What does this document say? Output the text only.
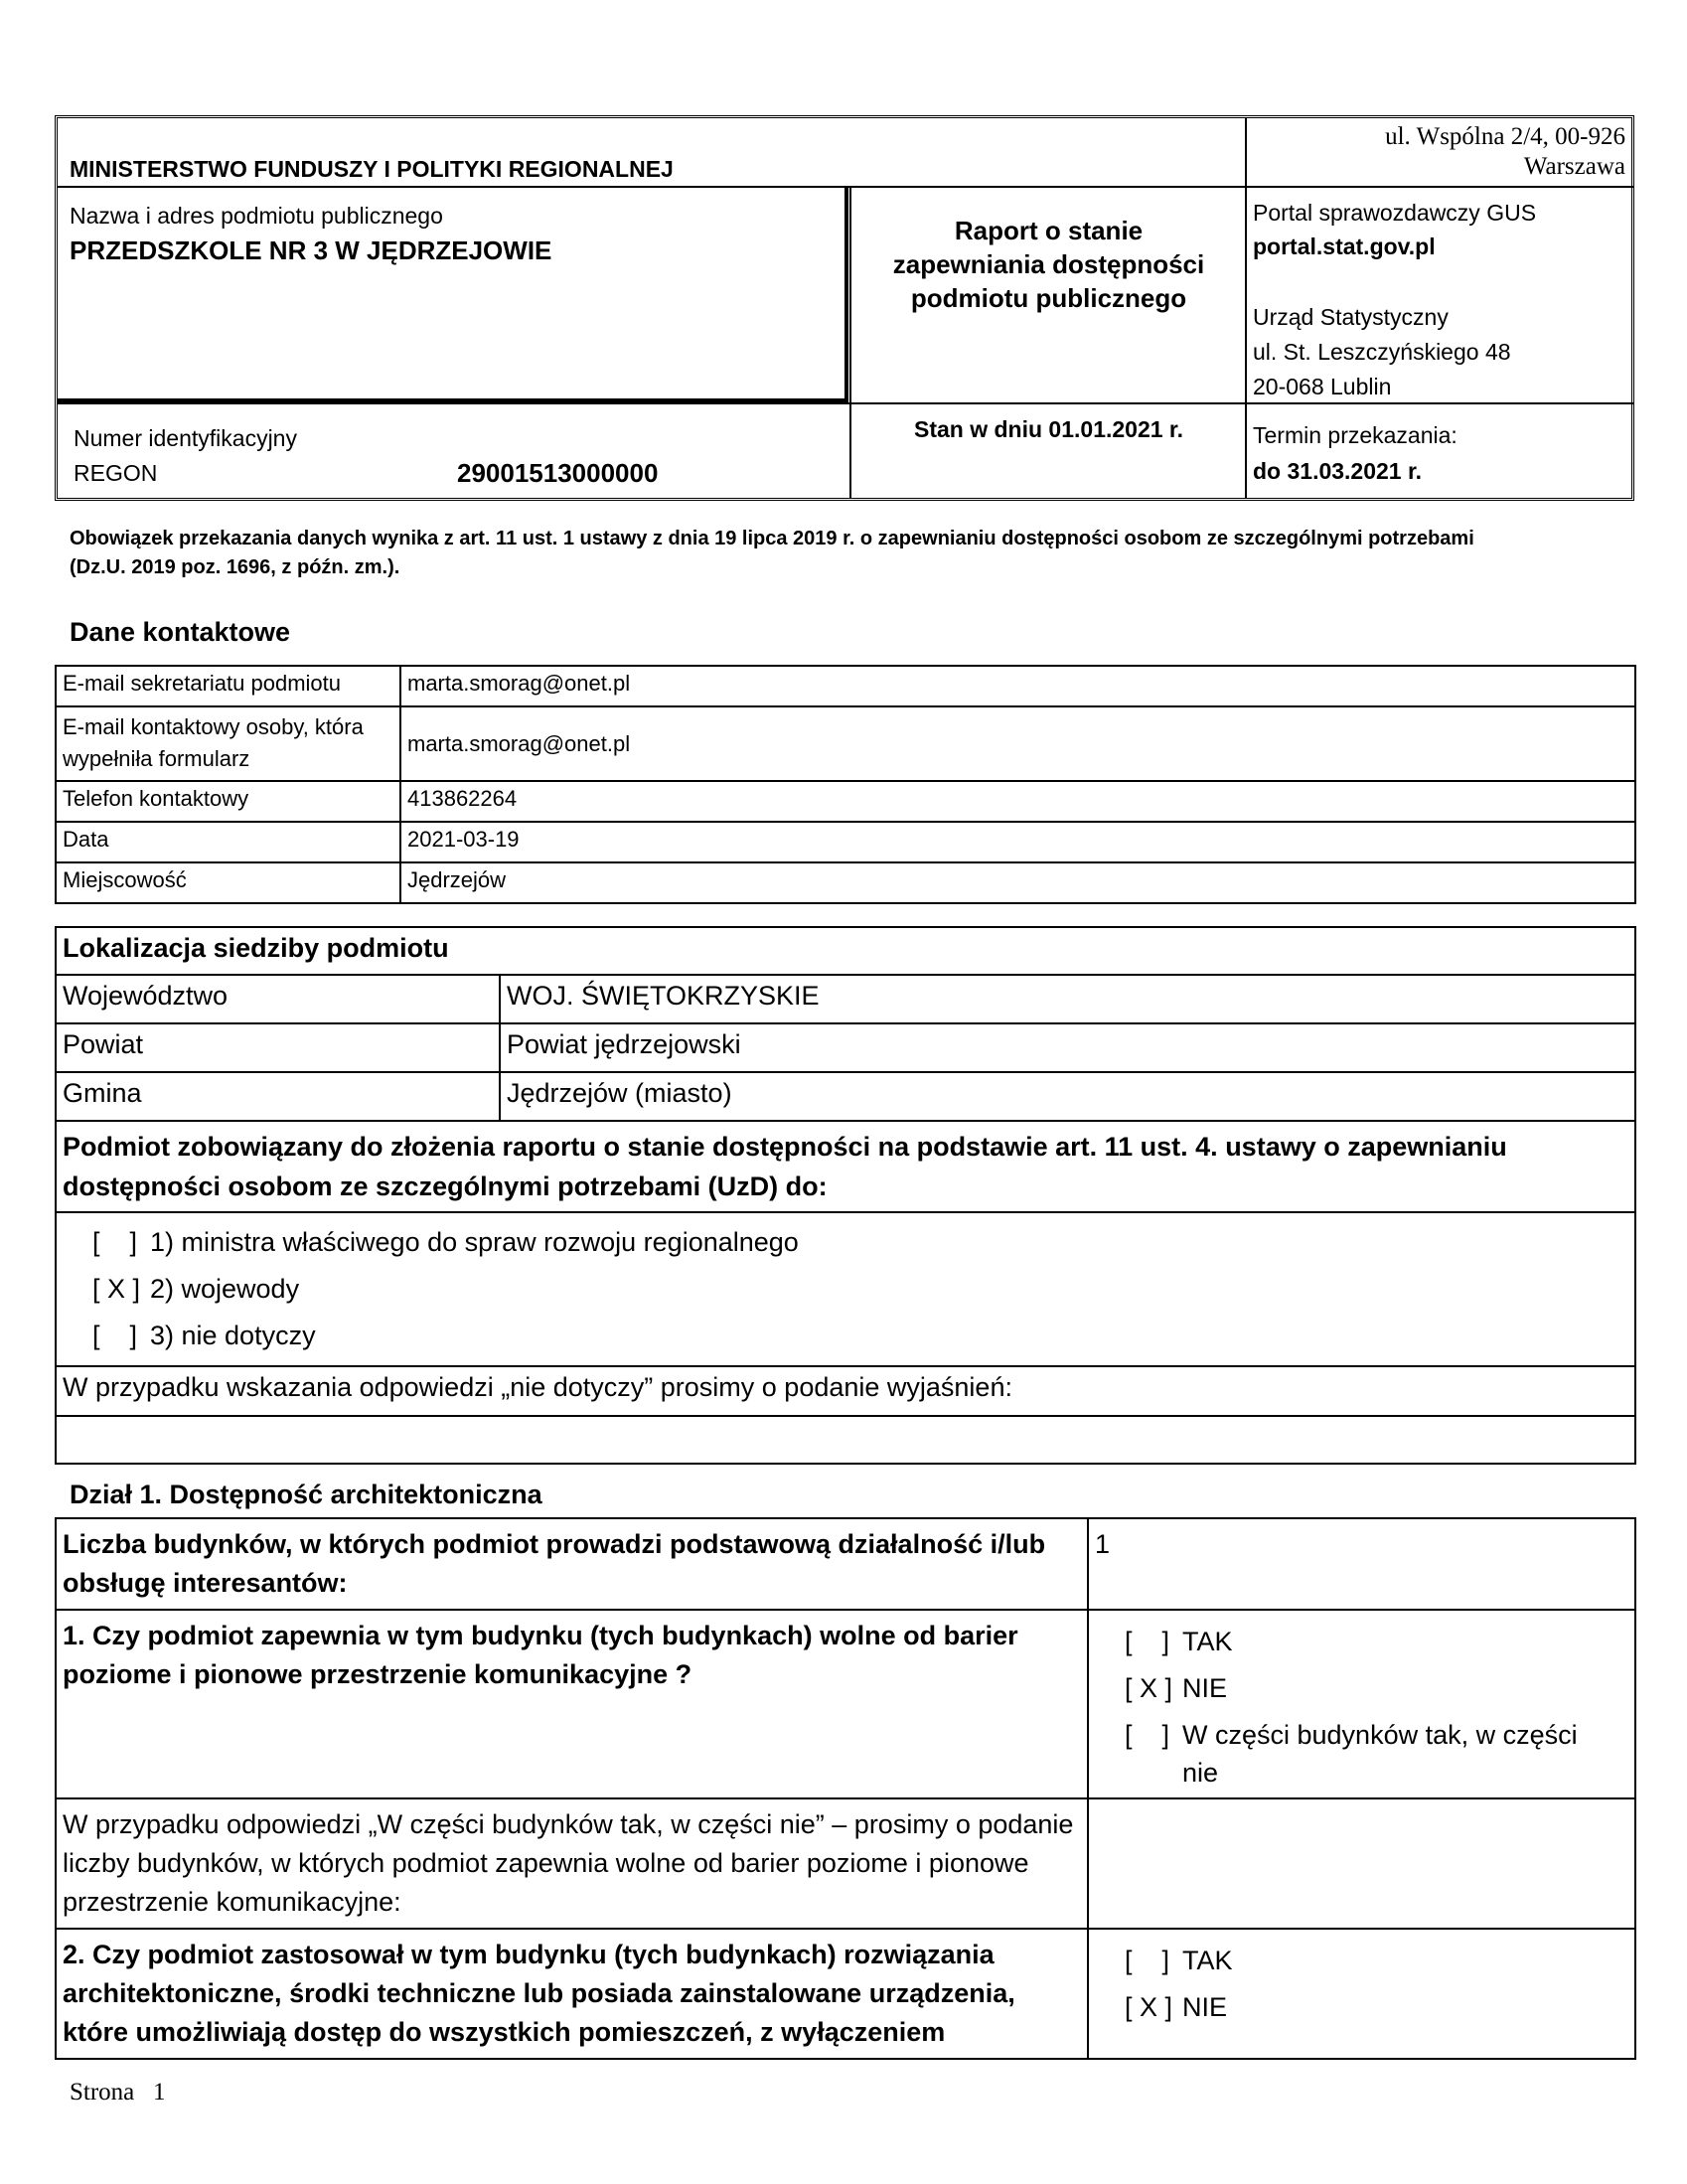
MINISTERSTWO FUNDUSZY I POLITYKI REGIONALNEJ
ul. Wspólna 2/4, 00-926
Warszawa
Nazwa i adres podmiotu publicznego
PRZEDSZKOLE NR 3 W JĘDRZEJOWIE
Raport o stanie
zapewniania dostępności
podmiotu publicznego
Portal sprawozdawczy GUS
portal.stat.gov.pl
Urząd Statystyczny
ul. St. Leszczyńskiego 48
20-068 Lublin
Numer identyfikacyjny
REGON	29001513000000
Stan w dniu 01.01.2021 r.	Termin przekazania:
do 31.03.2021 r.
Obowiązek przekazania danych wynika z art. 11 ust. 1 ustawy z dnia 19 lipca 2019 r. o zapewnianiu dostępności osobom ze szczególnymi potrzebami
(Dz.U. 2019 poz. 1696, z późn. zm.).
Dane kontaktowe
E-mail sekretariatu podmiotu	marta.smorag@onet.pl
E-mail kontaktowy osoby, która wypełniła formularz	marta.smorag@onet.pl
Telefon kontaktowy	413862264
Data	2021-03-19
Miejscowość	Jędrzejów
Lokalizacja siedziby podmiotu	
Województwo	WOJ. ŚWIĘTOKRZYSKIE
Powiat	Powiat jędrzejowski
Gmina	Jędrzejów (miasto)
Podmiot zobowiązany do złożenia raportu o stanie dostępności na podstawie art. 11 ust. 4. ustawy o zapewnianiu dostępności osobom ze szczególnymi potrzebami (UzD) do:	

[    ] 1) ministra właściwego do spraw rozwoju regionalnego
[ X ] 2) wojewody
[    ] 3) nie dotyczy	

W przypadku wskazania odpowiedzi „nie dotyczy” prosimy o podanie wyjaśnień:	

Dział 1. Dostępność architektoniczna
Liczba budynków, w których podmiot prowadzi podstawową działalność i/lub obsługę interesantów:	1
1. Czy podmiot zapewnia w tym budynku (tych budynkach) wolne od barier poziome i pionowe przestrzenie komunikacyjne ?	[    ] TAK
[ X ] NIE
[    ] W części budynków tak, w części nie

W przypadku odpowiedzi „W części budynków tak, w części nie” – prosimy o podanie liczby budynków, w których podmiot zapewnia wolne od barier poziome i pionowe przestrzenie komunikacyjne:	
2. Czy podmiot zastosował w tym budynku (tych budynkach) rozwiązania architektoniczne, środki techniczne lub posiada zainstalowane urządzenia, które umożliwiają dostęp do wszystkich pomieszczeń, z wyłączeniem	[    ] TAK
[ X ] NIE
Strona 1
